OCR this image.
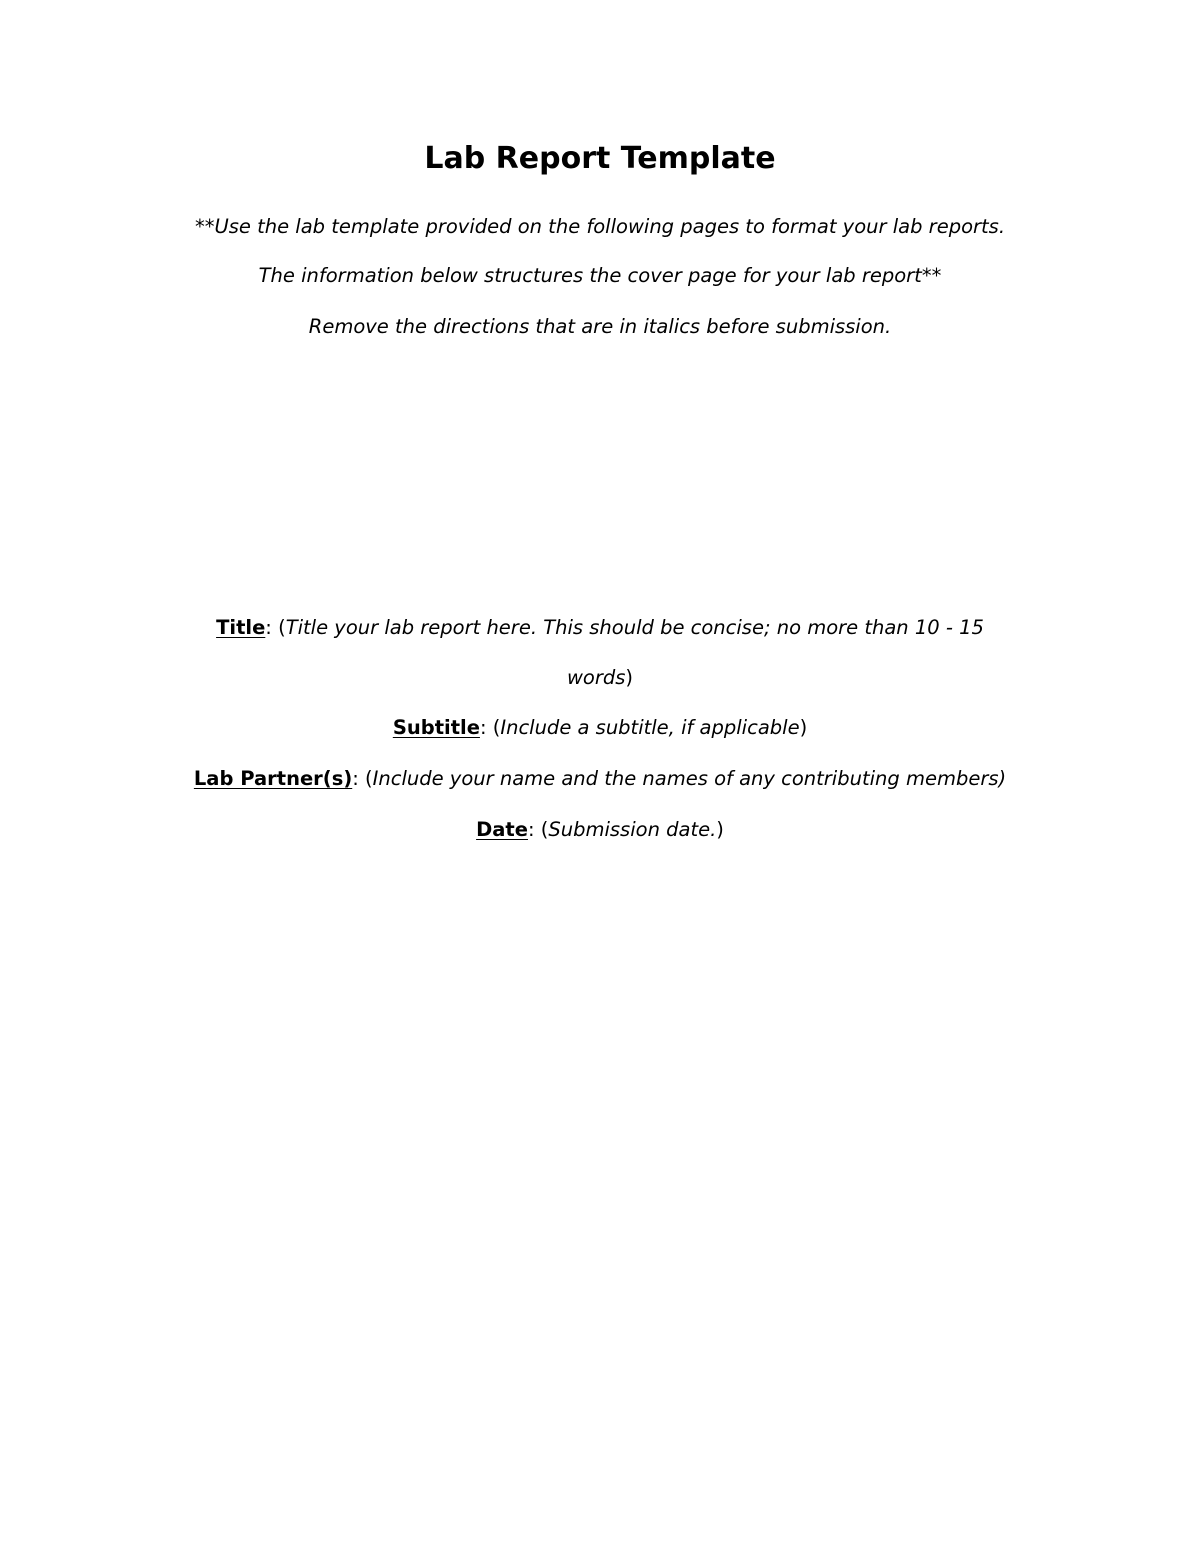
Lab Report Template

**Use the lab template provided on the following pages to format your lab reports.

The information below structures the cover page for your lab report**

Remove the directions that are in italics before submission.

Title: (Title your lab report here. This should be concise; no more than 10 - 15

words)

Subtitle: (Include a subtitle, if applicable)

Lab Partner(s): (Include your name and the names of any contributing members)

Date: (Submission date.)
